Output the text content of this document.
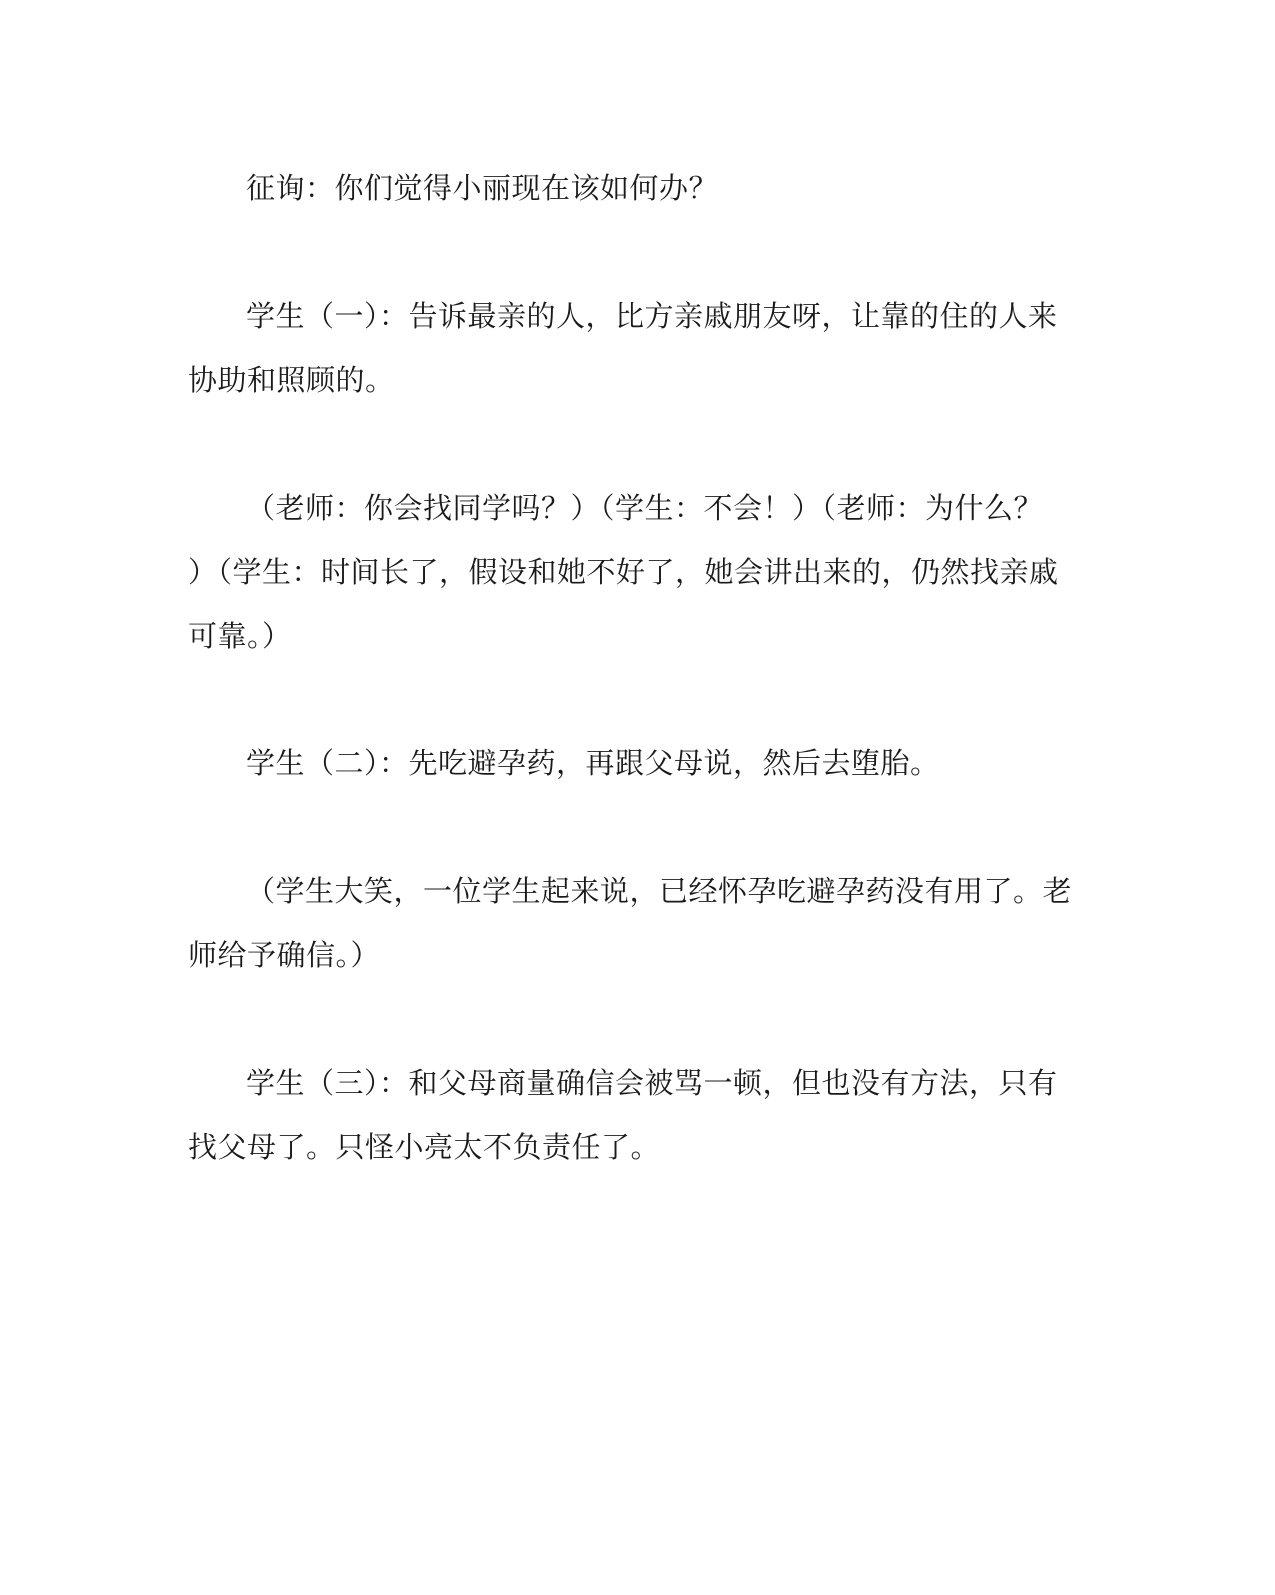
征询：你们觉得小丽现在该如何办？
学生（一）：告诉最亲的人，比方亲戚朋友呀，让靠的住的人来
协助和照顾的。
（老师：你会找同学吗？）（学生：不会！）（老师：为什么？
）（学生：时间长了，假设和她不好了，她会讲出来的，仍然找亲戚
可靠。）
学生（二）：先吃避孕药，再跟父母说，然后去堕胎。
（学生大笑，一位学生起来说，已经怀孕吃避孕药没有用了。老
师给予确信。）
学生（三）：和父母商量确信会被骂一顿，但也没有方法，只有
找父母了。只怪小亮太不负责任了。
